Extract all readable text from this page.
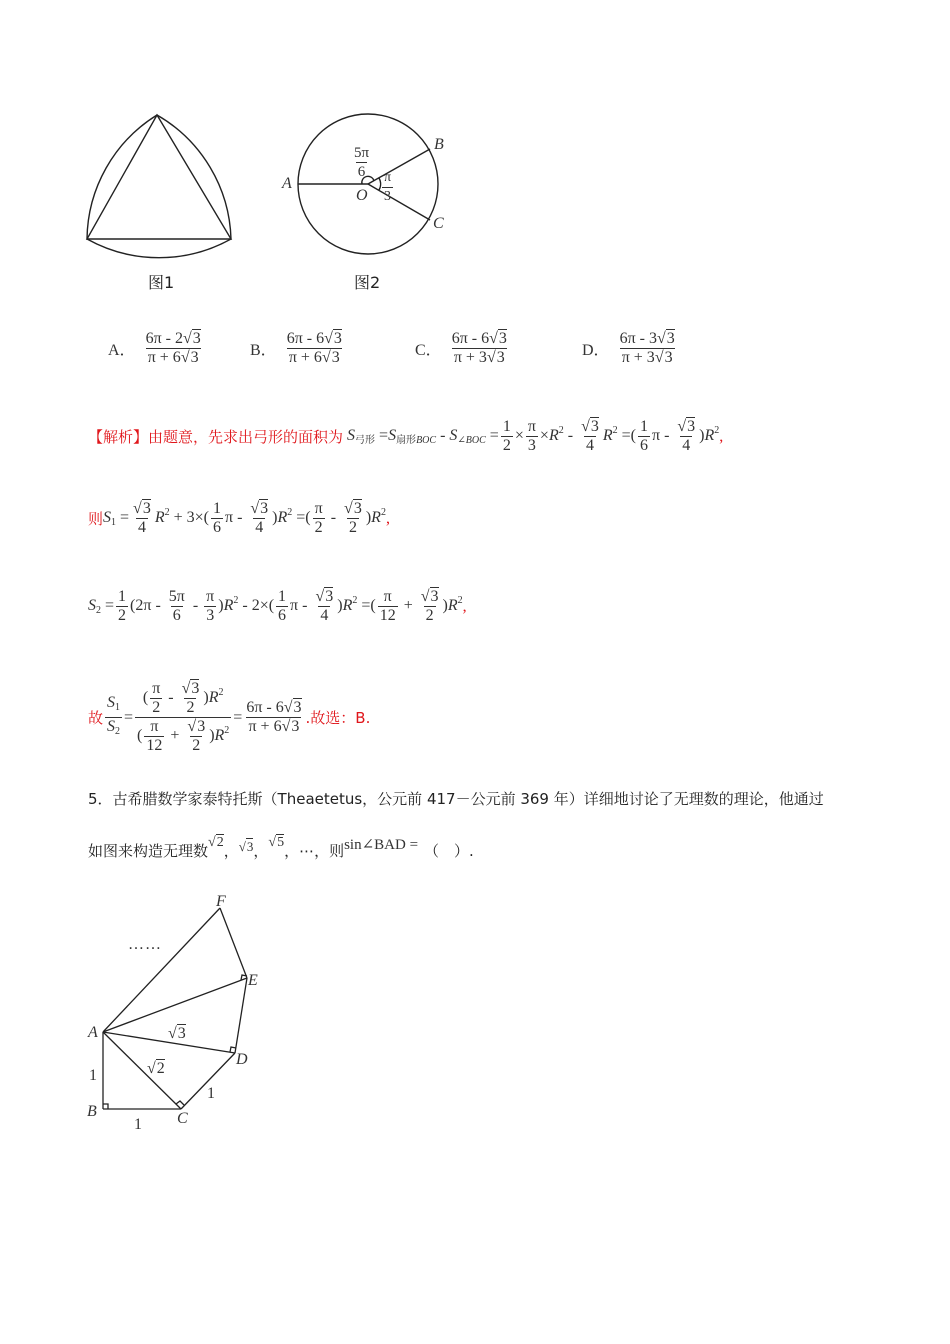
图1
A
B
C
O
$\frac{5\pi}{6}$
$\frac{\pi}{3}$
图2
A． $\frac{6\pi - 2√3}{\pi + 6√3}$	B． $\frac{6\pi - 6√3}{\pi + 6√3}$	C． $\frac{6\pi - 6√3}{\pi + 3√3}$	D． $\frac{6\pi - 3√3}{\pi + 3√3}$
【解析】 由题意，先求出弓形的面积为 $S_{弓形} =S_{扇形BOC} - S_{\angle BOC} = \frac{1}{2} \times \frac{\pi}{3} \times R^2 - \frac{√3}{4} R^2$ =( $\frac{1}{6}$ π - $\frac{√3}{4} )R^2$ ,
则 $S_1 = \frac{√3}{4} R^2 + 3\times( \frac{1}{6}$ π - $\frac{√3}{4} )R^2$ =( $\frac{\pi}{2} - \frac{√3}{2} )R^2$ ,
$S_2 = \frac{1}{2} (2\pi - \frac{5\pi}{6} - \frac{\pi}{3} )R^2 - 2\times( \frac{1}{6}$ π - $\frac{√3}{4} )R^2$ =( $\frac{\pi}{12} + \frac{√3}{2} )R^2$ ,
故 $\frac{S_1}{S_2} = \frac{( \frac{\pi}{2} - \frac{√3}{2} )R^2}{( \frac{\pi}{12} + \frac{√3}{2} )R^2} = \frac{6\pi - 6√3}{\pi + 6√3}$ .故选：B.
5．古希腊数学家泰特托斯（Theaetetus，公元前 417－公元前 369 年）详细地讨论了无理数的理论，他通过
如图来构造无理数 √2 ， √3 ， √5 ，⋯， 则 sin∠BAD = （　）.
F
E
A
D
B	C
1
1
1
……
√2
√3
